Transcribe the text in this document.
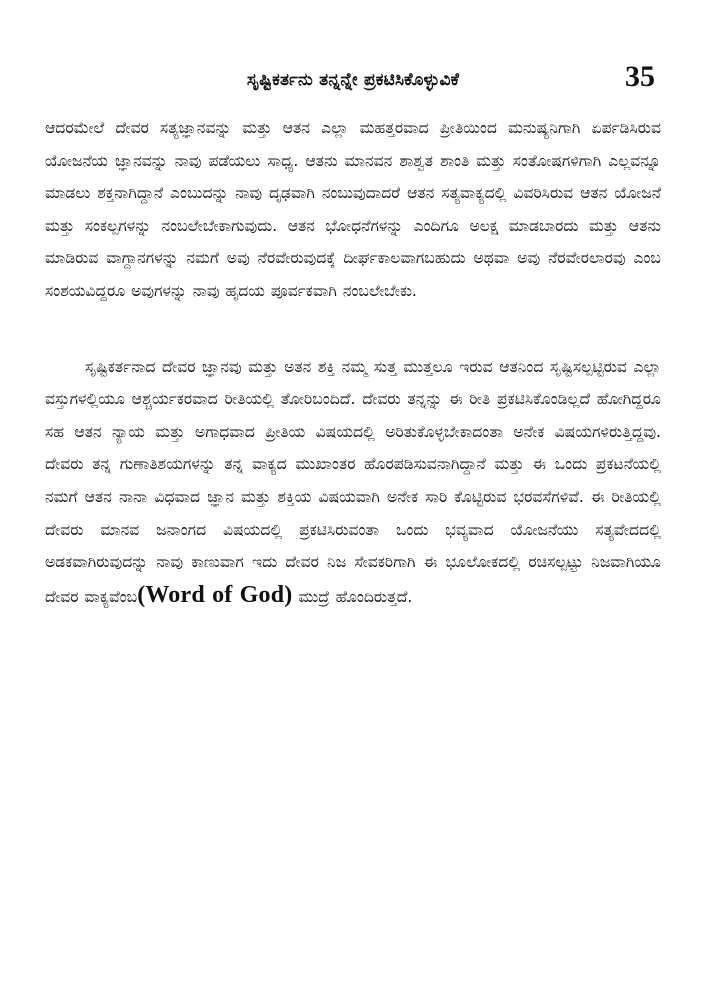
ಸೃಷ್ಟಿಕರ್ತನು ತನ್ನನ್ನೇ ಪ್ರಕಟಿಸಿಕೊಳ್ಳುವಿಕೆ	35

ಆದರಮೇಲೆ ದೇವರ ಸತ್ಯಜ್ಞಾನವನ್ನು ಮತ್ತು ಆತನ ಎಲ್ಲಾ ಮಹತ್ತರವಾದ ಪ್ರೀತಿಯಿಂದ ಮನುಷ್ಯನಿಗಾಗಿ ಏರ್ಪಡಿಸಿರುವ ಯೋಜನೆಯ ಜ್ಞಾನವನ್ನು ನಾವು ಪಡೆಯಲು ಸಾಧ್ಯ. ಆತನು ಮಾನವನ ಶಾಶ್ವತ ಶಾಂತಿ ಮತ್ತು ಸಂತೋಷಗಳಿಗಾಗಿ ಎಲ್ಲವನ್ನೂ ಮಾಡಲು ಶಕ್ತನಾಗಿದ್ದಾನೆ ಎಂಬುದನ್ನು ನಾವು ದೃಢವಾಗಿ ನಂಬುವುದಾದರೆ ಆತನ ಸತ್ಯವಾಕ್ಯದಲ್ಲಿ ವಿವರಿಸಿರುವ ಆತನ ಯೋಜನೆ ಮತ್ತು ಸಂಕಲ್ಪಗಳನ್ನು ನಂಬಲೇಬೇಕಾಗುವುದು. ಆತನ ಭೋಧನೆಗಳನ್ನು ಎಂದಿಗೂ ಅಲಕ್ಷ ಮಾಡಬಾರದು ಮತ್ತು ಆತನು ಮಾಡಿರುವ ವಾಗ್ದಾನಗಳನ್ನು ನಮಗೆ ಅವು ನೆರವೇರುವುದಕ್ಕೆ ದೀರ್ಘಕಾಲವಾಗಬಹುದು ಅಥವಾ ಅವು ನೆರವೇರಲಾರವು ಎಂಬ ಸಂಶಯವಿದ್ದರೂ ಅವುಗಳನ್ನು ನಾವು ಹೃದಯ ಪೂರ್ವಕವಾಗಿ ನಂಬಲೇಬೇಕು.

ಸೃಷ್ಟಿಕರ್ತನಾದ ದೇವರ ಜ್ಞಾನವು ಮತ್ತು ಅತನ ಶಕ್ತಿ ನಮ್ಮ ಸುತ್ತ ಮುತ್ತಲೂ ಇರುವ ಆತನಿಂದ ಸೃಷ್ಟಿಸಲ್ಪಟ್ಟಿರುವ ಎಲ್ಲಾ ವಸ್ತುಗಳಲ್ಲಿಯೂ ಆಶ್ಚರ್ಯಕರವಾದ ರೀತಿಯಲ್ಲಿ ತೋರಿಬಂದಿದೆ. ದೇವರು ತನ್ನನ್ನು ಈ ರೀತಿ ಪ್ರಕಟಿಸಿಕೊಂಡಿಲ್ಲದೆ ಹೋಗಿದ್ದರೂ ಸಹ ಆತನ ನ್ಯಾಯ ಮತ್ತು ಅಗಾಧವಾದ ಪ್ರೀತಿಯ ವಿಷಯದಲ್ಲಿ ಅರಿತುಕೊಳ್ಳಬೇಕಾದಂತಾ ಅನೇಕ ವಿಷಯಗಳಿರುತ್ತಿದ್ದವು. ದೇವರು ತನ್ನ ಗುಣಾತಿಶಯಗಳನ್ನು ತನ್ನ ವಾಕ್ಯದ ಮುಖಾಂತರ ಹೊರಪಡಿಸುವನಾಗಿದ್ದಾನೆ ಮತ್ತು ಈ ಒಂದು ಪ್ರಕಟನೆಯಲ್ಲಿ ನಮಗೆ ಆತನ ನಾನಾ ವಿಧವಾದ ಜ್ಞಾನ ಮತ್ತು ಶಕ್ತಿಯ ವಿಷಯವಾಗಿ ಅನೇಕ ಸಾರಿ ಕೊಟ್ಟಿರುವ ಭರವಸೆಗಳಿವೆ. ಈ ರೀತಿಯಲ್ಲಿ ದೇವರು ಮಾನವ ಜನಾಂಗದ ವಿಷಯದಲ್ಲಿ ಪ್ರಕಟಿಸಿರುವಂತಾ ಒಂದು ಭವ್ಯವಾದ ಯೋಜನೆಯು ಸತ್ಯವೇದದಲ್ಲಿ ಅಡಕವಾಗಿರುವುದನ್ನು ನಾವು ಕಾಣುವಾಗ ಇದು ದೇವರ ನಿಜ ಸೇವಕರಿಗಾಗಿ ಈ ಭೂಲೋಕದಲ್ಲಿ ರಚಿಸಲ್ಪಟ್ಟು ನಿಜವಾಗಿಯೂ ದೇವರ ವಾಕ್ಯವೆಂಬ(Word of God) ಮುದ್ರೆ ಹೊಂದಿರುತ್ತದೆ.
